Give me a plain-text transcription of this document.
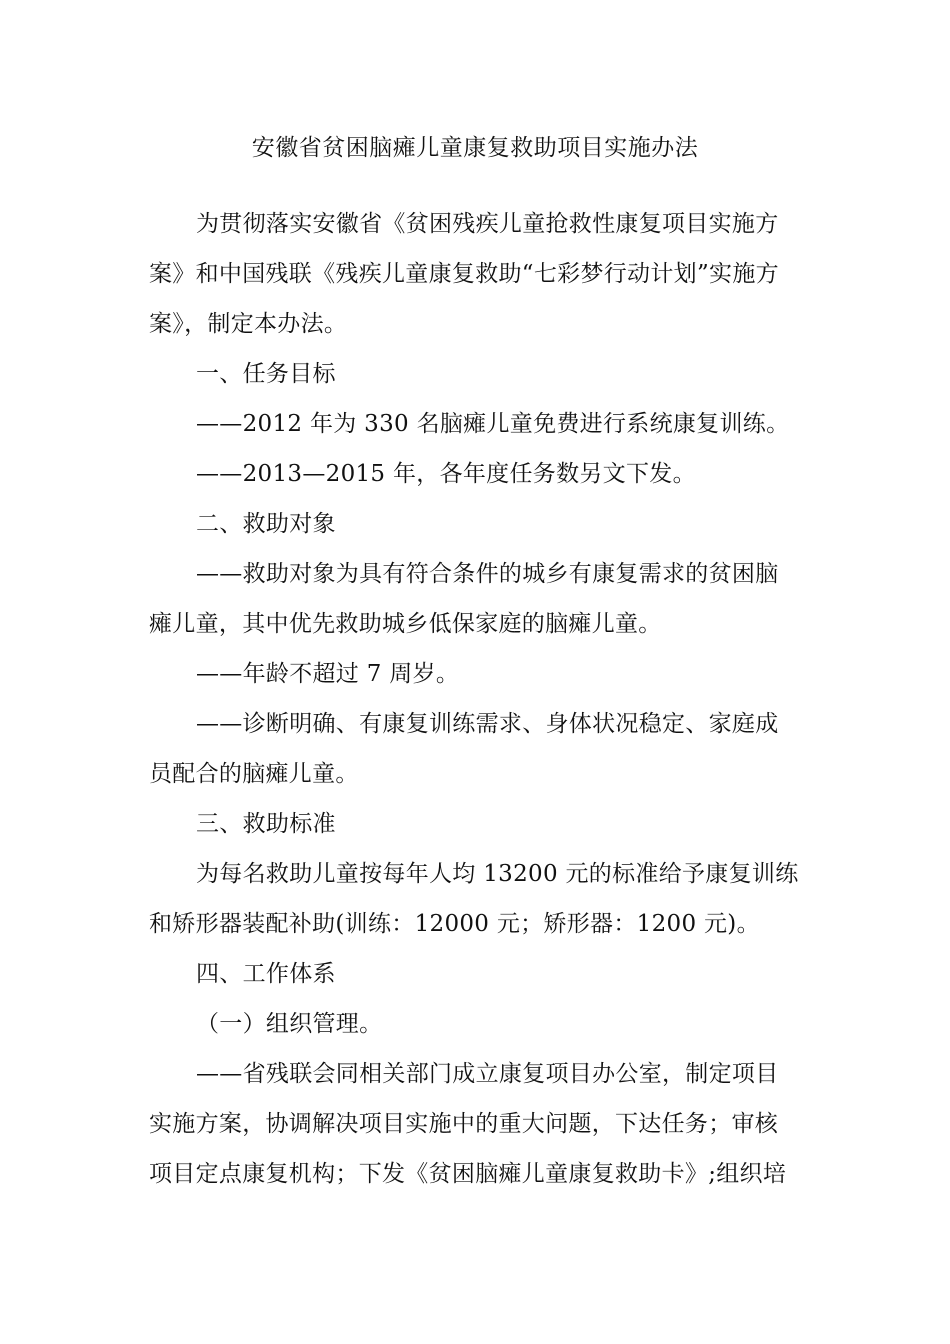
安徽省贫困脑瘫儿童康复救助项目实施办法
为贯彻落实安徽省《贫困残疾儿童抢救性康复项目实施方
案》和中国残联《残疾儿童康复救助“七彩梦行动计划”实施方
案》，制定本办法。
一、任务目标
——2012 年为 330 名脑瘫儿童免费进行系统康复训练。
——2013—2015 年，各年度任务数另文下发。
二、救助对象
——救助对象为具有符合条件的城乡有康复需求的贫困脑
瘫儿童，其中优先救助城乡低保家庭的脑瘫儿童。
——年龄不超过 7 周岁。
——诊断明确、有康复训练需求、身体状况稳定、家庭成
员配合的脑瘫儿童。
三、救助标准
为每名救助儿童按每年人均 13200 元的标准给予康复训练
和矫形器装配补助(训练：12000 元；矫形器：1200 元)。
四、工作体系
（一）组织管理。
——省残联会同相关部门成立康复项目办公室，制定项目
实施方案，协调解决项目实施中的重大问题，下达任务；审核
项目定点康复机构；下发《贫困脑瘫儿童康复救助卡》;组织培
